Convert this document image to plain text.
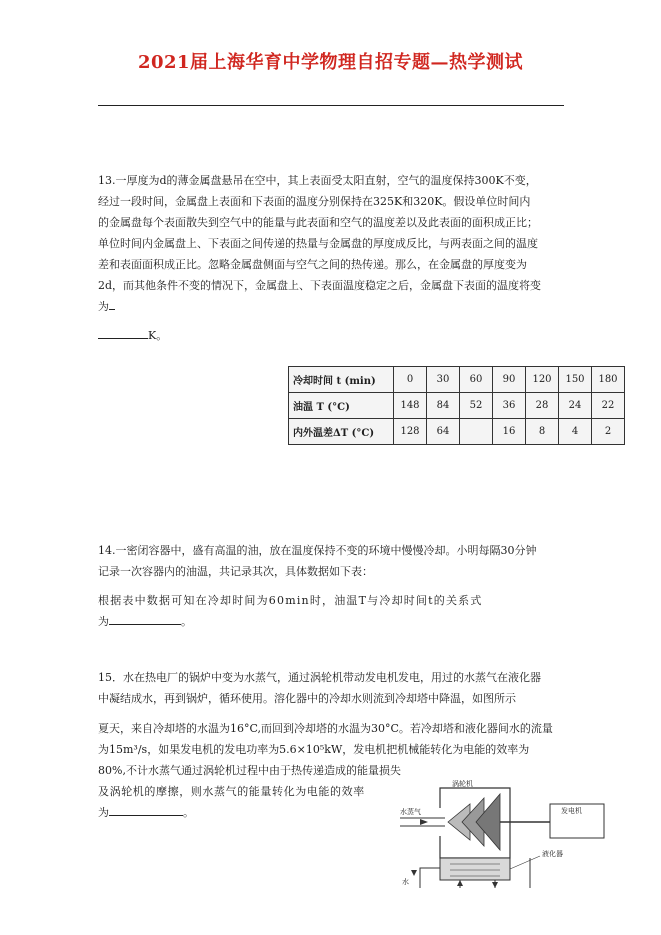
2021届上海华育中学物理自招专题—热学测试

13.一厚度为d的薄金属盘悬吊在空中，其上表面受太阳直射，空气的温度保持300K不变，

经过一段时间，金属盘上表面和下表面的温度分别保持在325K和320K。假设单位时间内

的金属盘每个表面散失到空气中的能量与此表面和空气的温度差以及此表面的面积成正比；

单位时间内金属盘上、下表面之间传递的热量与金属盘的厚度成反比，与两表面之间的温度

差和表面面积成正比。忽略金属盘侧面与空气之间的热传递。那么，在金属盘的厚度变为

2d，而其他条件不变的情况下，金属盘上、下表面温度稳定之后，金属盘下表面的温度将变

为

K。

冷却时间 t (min)	0	30	60	90	120	150	180
油温 T (°C)	148	84	52	36	28	24	22
内外温差ΔT (°C)	128	64		16	8	4	2

14.一密闭容器中，盛有高温的油，放在温度保持不变的环境中慢慢冷却。小明每隔30分钟

记录一次容器内的油温，共记录其次，具体数据如下表：

根据表中数据可知在冷却时间为60min时，油温T与冷却时间t的关系式

为	。

15．水在热电厂的锅炉中变为水蒸气，通过涡轮机带动发电机发电，用过的水蒸气在液化器

中凝结成水，再到锅炉，循环使用。溶化器中的冷却水则流到冷却塔中降温，如图所示

夏天，来自冷却塔的水温为16°C,而回到冷却塔的水温为30°C。若冷却塔和液化器间水的流量

为15m³/s，如果发电机的发电功率为5.6×10⁵kW，发电机把机械能转化为电能的效率为

80%,不计水蒸气通过涡轮机过程中由于热传递造成的能量损失

及涡轮机的摩擦，则水蒸气的能量转化为电能的效率

为	。

涡轮机
水蒸气	发电机
液化器
水
